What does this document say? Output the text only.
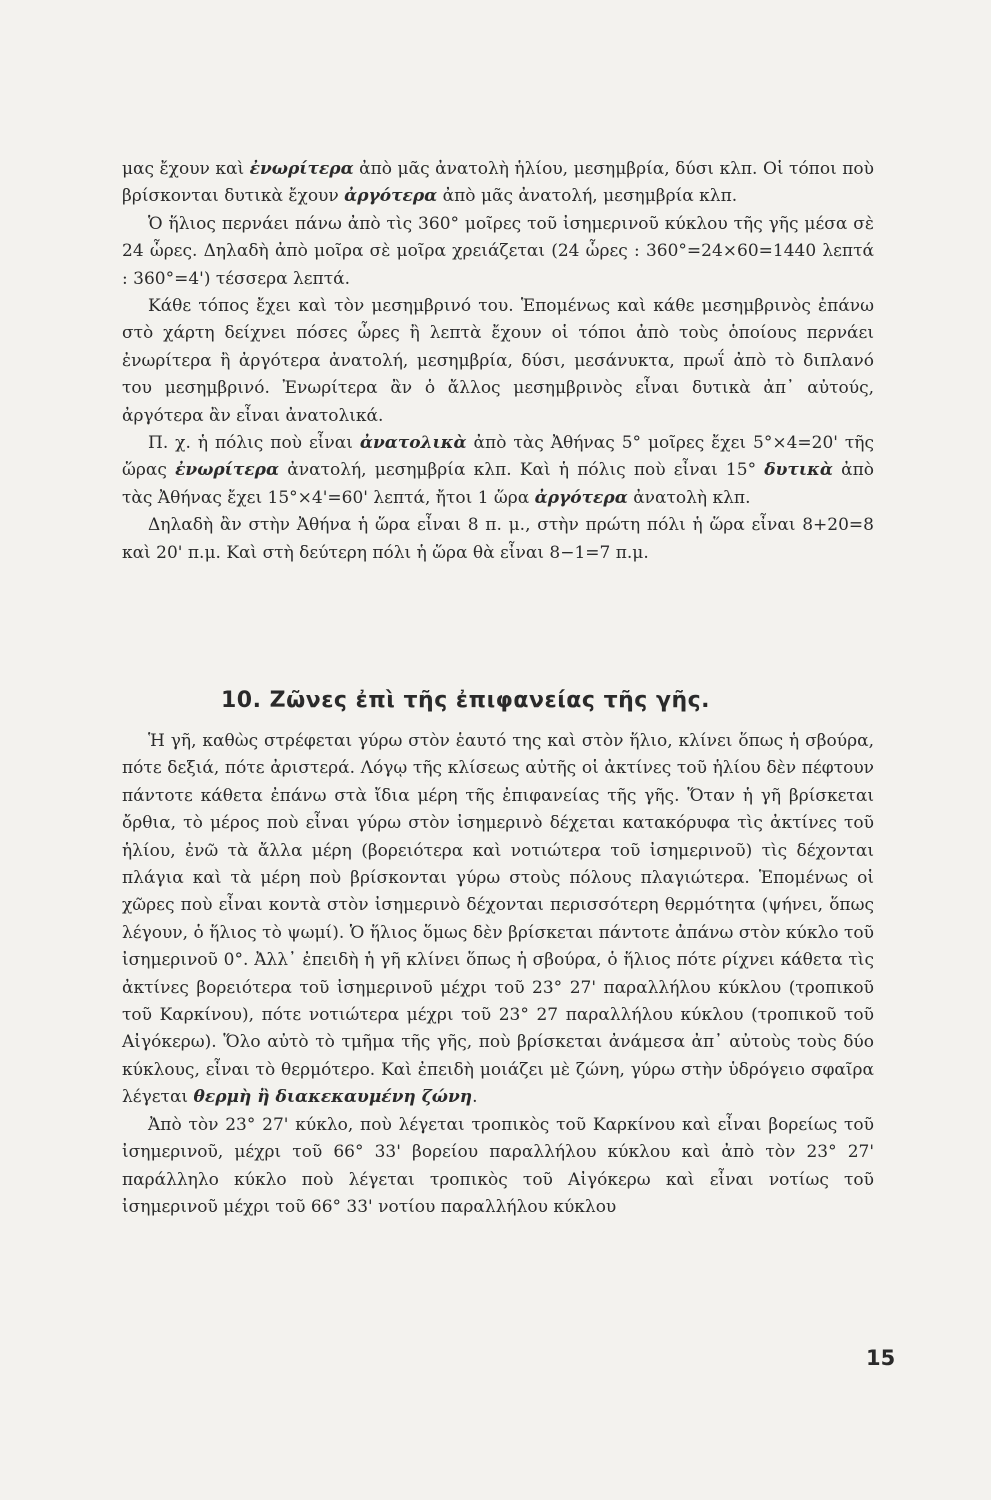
μας ἔχουν καὶ ἐνωρίτερα ἀπὸ μᾶς ἀνατολὴ ἡλίου, μεσημβρία, δύσι κλπ. Οἱ τόποι ποὺ βρίσκονται δυτικὰ ἔχουν ἀργότερα ἀπὸ μᾶς ἀνατολή, μεσημβρία κλπ.

Ὁ ἥλιος περνάει πάνω ἀπὸ τὶς 360° μοῖρες τοῦ ἰσημερινοῦ κύκλου τῆς γῆς μέσα σὲ 24 ὧρες. Δηλαδὴ ἀπὸ μοῖρα σὲ μοῖρα χρειάζεται (24 ὧρες : 360°=24×60=1440 λεπτά : 360°=4') τέσσερα λεπτά.

Κάθε τόπος ἔχει καὶ τὸν μεσημβρινό του. Ἑπομένως καὶ κάθε μεσημβρινὸς ἐπάνω στὸ χάρτη δείχνει πόσες ὧρες ἢ λεπτὰ ἔχουν οἱ τόποι ἀπὸ τοὺς ὁποίους περνάει ἐνωρίτερα ἢ ἀργότερα ἀνατολή, μεσημβρία, δύσι, μεσάνυκτα, πρωΐ ἀπὸ τὸ διπλανό του μεσημβρινό. Ἐνωρίτερα ἂν ὁ ἄλλος μεσημβρινὸς εἶναι δυτικὰ ἀπ᾽ αὐτούς, ἀργότερα ἂν εἶναι ἀνατολικά.

Π. χ. ἡ πόλις ποὺ εἶναι ἀνατολικὰ ἀπὸ τὰς Ἀθήνας 5° μοῖρες ἔχει 5°×4=20' τῆς ὥρας ἐνωρίτερα ἀνατολή, μεσημβρία κλπ. Καὶ ἡ πόλις ποὺ εἶναι 15° δυτικὰ ἀπὸ τὰς Ἀθήνας ἔχει 15°×4'=60' λεπτά, ἤτοι 1 ὥρα ἀργότερα ἀνατολὴ κλπ.

Δηλαδὴ ἂν στὴν Ἀθήνα ἡ ὥρα εἶναι 8 π. μ., στὴν πρώτη πόλι ἡ ὥρα εἶναι 8+20=8 καὶ 20' π.μ. Καὶ στὴ δεύτερη πόλι ἡ ὥρα θὰ εἶναι 8−1=7 π.μ.

10. Ζῶνες ἐπὶ τῆς ἐπιφανείας τῆς γῆς.

Ἡ γῆ, καθὼς στρέφεται γύρω στὸν ἑαυτό της καὶ στὸν ἥλιο, κλίνει ὅπως ἡ σβούρα, πότε δεξιά, πότε ἀριστερά. Λόγῳ τῆς κλίσεως αὐτῆς οἱ ἀκτίνες τοῦ ἡλίου δὲν πέφτουν πάντοτε κάθετα ἐπάνω στὰ ἴδια μέρη τῆς ἐπιφανείας τῆς γῆς. Ὅταν ἡ γῆ βρίσκεται ὄρθια, τὸ μέρος ποὺ εἶναι γύρω στὸν ἰσημερινὸ δέχεται κατακόρυφα τὶς ἀκτίνες τοῦ ἡλίου, ἐνῶ τὰ ἄλλα μέρη (βορειότερα καὶ νοτιώτερα τοῦ ἰσημερινοῦ) τὶς δέχονται πλάγια καὶ τὰ μέρη ποὺ βρίσκονται γύρω στοὺς πόλους πλαγιώτερα. Ἑπομένως οἱ χῶρες ποὺ εἶναι κοντὰ στὸν ἰσημερινὸ δέχονται περισσότερη θερμότητα (ψήνει, ὅπως λέγουν, ὁ ἥλιος τὸ ψωμί). Ὁ ἥλιος ὅμως δὲν βρίσκεται πάντοτε ἀπάνω στὸν κύκλο τοῦ ἰσημερινοῦ 0°. Ἀλλ᾽ ἐπειδὴ ἡ γῆ κλίνει ὅπως ἡ σβούρα, ὁ ἥλιος πότε ρίχνει κάθετα τὶς ἀκτίνες βορειότερα τοῦ ἰσημερινοῦ μέχρι τοῦ 23° 27' παραλλήλου κύκλου (τροπικοῦ τοῦ Καρκίνου), πότε νοτιώτερα μέχρι τοῦ 23° 27 παραλλήλου κύκλου (τροπικοῦ τοῦ Αἰγόκερω). Ὅλο αὐτὸ τὸ τμῆμα τῆς γῆς, ποὺ βρίσκεται ἀνάμεσα ἀπ᾽ αὐτοὺς τοὺς δύο κύκλους, εἶναι τὸ θερμότερο. Καὶ ἐπειδὴ μοιάζει μὲ ζώνη, γύρω στὴν ὑδρόγειο σφαῖρα λέγεται θερμὴ ἢ διακεκαυμένη ζώνη.

Ἀπὸ τὸν 23° 27' κύκλο, ποὺ λέγεται τροπικὸς τοῦ Καρκίνου καὶ εἶναι βορείως τοῦ ἰσημερινοῦ, μέχρι τοῦ 66° 33' βορείου παραλλήλου κύκλου καὶ ἀπὸ τὸν 23° 27' παράλληλο κύκλο ποὺ λέγεται τροπικὸς τοῦ Αἰγόκερω καὶ εἶναι νοτίως τοῦ ἰσημερινοῦ μέχρι τοῦ 66° 33' νοτίου παραλλήλου κύκλου

15
